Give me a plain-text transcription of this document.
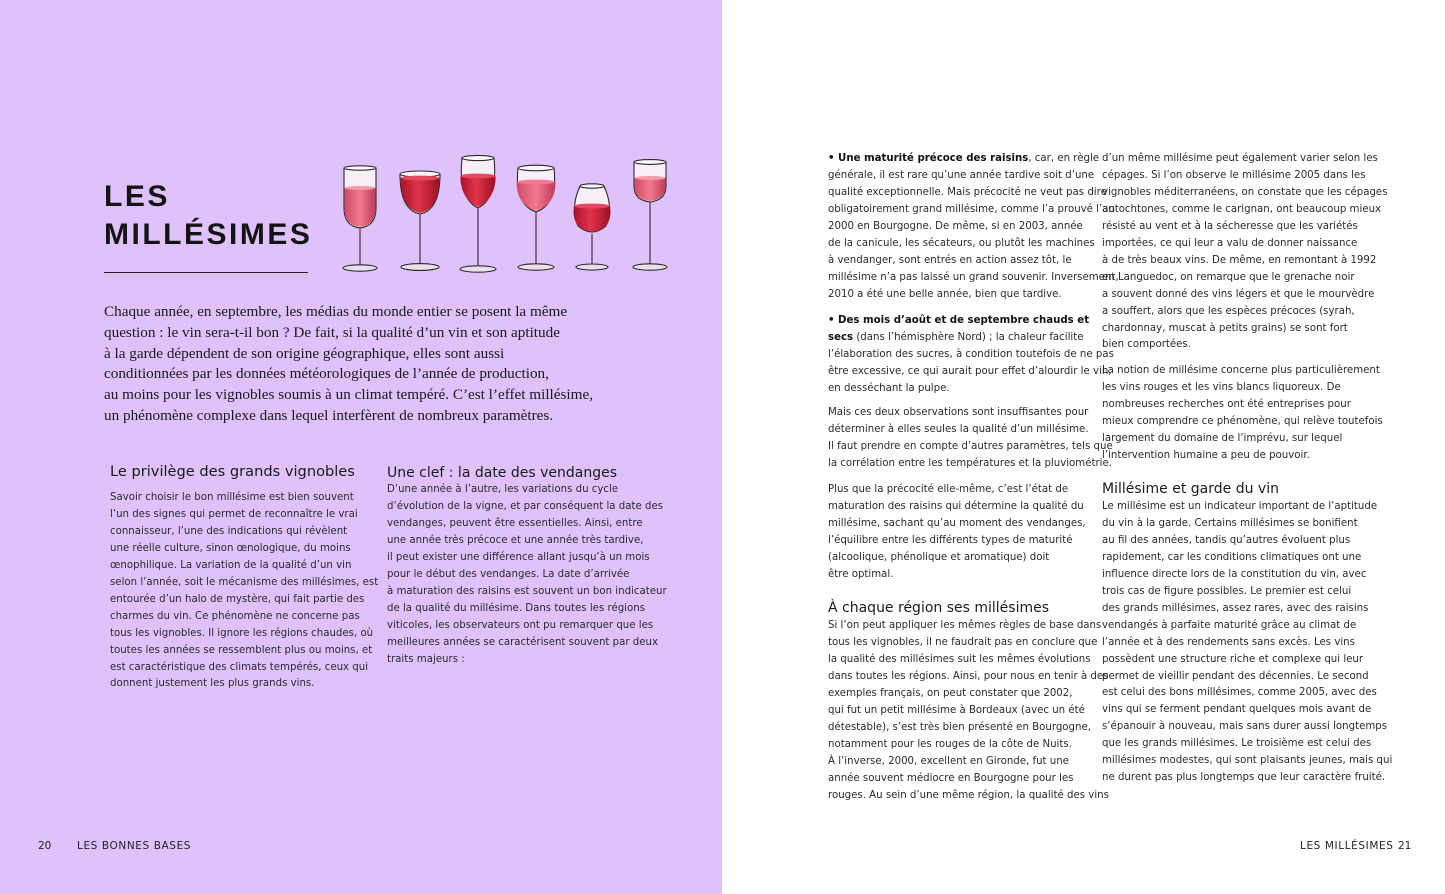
LES
MILLÉSIMES

Chaque année, en septembre, les médias du monde entier se posent la même
question : le vin sera-t-il bon ? De fait, si la qualité d’un vin et son aptitude
à la garde dépendent de son origine géographique, elles sont aussi
conditionnées par les données météorologiques de l’année de production,
au moins pour les vignobles soumis à un climat tempéré. C’est l’effet millésime,
un phénomène complexe dans lequel interfèrent de nombreux paramètres.

Le privilège des grands vignobles

Savoir choisir le bon millésime est bien souvent
l’un des signes qui permet de reconnaître le vrai
connaisseur, l’une des indications qui révèlent
une réelle culture, sinon œnologique, du moins
œnophilique. La variation de la qualité d’un vin
selon l’année, soit le mécanisme des millésimes, est
entourée d’un halo de mystère, qui fait partie des
charmes du vin. Ce phénomène ne concerne pas
tous les vignobles. Il ignore les régions chaudes, où
toutes les années se ressemblent plus ou moins, et
est caractéristique des climats tempérés, ceux qui
donnent justement les plus grands vins.

Une clef : la date des vendanges

D’une année à l’autre, les variations du cycle
d’évolution de la vigne, et par conséquent la date des
vendanges, peuvent être essentielles. Ainsi, entre
une année très précoce et une année très tardive,
il peut exister une différence allant jusqu’à un mois
pour le début des vendanges. La date d’arrivée
à maturation des raisins est souvent un bon indicateur
de la qualité du millésime. Dans toutes les régions
viticoles, les observateurs ont pu remarquer que les
meilleures années se caractérisent souvent par deux
traits majeurs :

20 LES BONNES BASES

• Une maturité précoce des raisins, car, en règle
générale, il est rare qu’une année tardive soit d’une
qualité exceptionnelle. Mais précocité ne veut pas dire
obligatoirement grand millésime, comme l’a prouvé l’an
2000 en Bourgogne. De même, si en 2003, année
de la canicule, les sécateurs, ou plutôt les machines
à vendanger, sont entrés en action assez tôt, le
millésime n’a pas laissé un grand souvenir. Inversement,
2010 a été une belle année, bien que tardive.

• Des mois d’août et de septembre chauds et
secs (dans l’hémisphère Nord) ; la chaleur facilite
l’élaboration des sucres, à condition toutefois de ne pas
être excessive, ce qui aurait pour effet d’alourdir le vin,
en desséchant la pulpe.

Mais ces deux observations sont insuffisantes pour
déterminer à elles seules la qualité d’un millésime.
Il faut prendre en compte d’autres paramètres, tels que
la corrélation entre les températures et la pluviométrie.

Plus que la précocité elle-même, c’est l’état de
maturation des raisins qui détermine la qualité du
millésime, sachant qu’au moment des vendanges,
l’équilibre entre les différents types de maturité
(alcoolique, phénolique et aromatique) doit
être optimal.

À chaque région ses millésimes

Si l’on peut appliquer les mêmes règles de base dans
tous les vignobles, il ne faudrait pas en conclure que
la qualité des millésimes suit les mêmes évolutions
dans toutes les régions. Ainsi, pour nous en tenir à des
exemples français, on peut constater que 2002,
qui fut un petit millésime à Bordeaux (avec un été
détestable), s’est très bien présenté en Bourgogne,
notamment pour les rouges de la côte de Nuits.
À l’inverse, 2000, excellent en Gironde, fut une
année souvent médiocre en Bourgogne pour les
rouges. Au sein d’une même région, la qualité des vins

d’un même millésime peut également varier selon les
cépages. Si l’on observe le millésime 2005 dans les
vignobles méditerranéens, on constate que les cépages
autochtones, comme le carignan, ont beaucoup mieux
résisté au vent et à la sécheresse que les variétés
importées, ce qui leur a valu de donner naissance
à de très beaux vins. De même, en remontant à 1992
en Languedoc, on remarque que le grenache noir
a souvent donné des vins légers et que le mourvèdre
a souffert, alors que les espèces précoces (syrah,
chardonnay, muscat à petits grains) se sont fort
bien comportées.

La notion de millésime concerne plus particulièrement
les vins rouges et les vins blancs liquoreux. De
nombreuses recherches ont été entreprises pour
mieux comprendre ce phénomène, qui relève toutefois
largement du domaine de l’imprévu, sur lequel
l’intervention humaine a peu de pouvoir.

Millésime et garde du vin

Le millésime est un indicateur important de l’aptitude
du vin à la garde. Certains millésimes se bonifient
au fil des années, tandis qu’autres évoluent plus
rapidement, car les conditions climatiques ont une
influence directe lors de la constitution du vin, avec
trois cas de figure possibles. Le premier est celui
des grands millésimes, assez rares, avec des raisins
vendangés à parfaite maturité grâce au climat de
l’année et à des rendements sans excès. Les vins
possèdent une structure riche et complexe qui leur
permet de vieillir pendant des décennies. Le second
est celui des bons millésimes, comme 2005, avec des
vins qui se ferment pendant quelques mois avant de
s’épanouir à nouveau, mais sans durer aussi longtemps
que les grands millésimes. Le troisième est celui des
millésimes modestes, qui sont plaisants jeunes, mais qui
ne durent pas plus longtemps que leur caractère fruité.

LES MILLÉSIMES 21
